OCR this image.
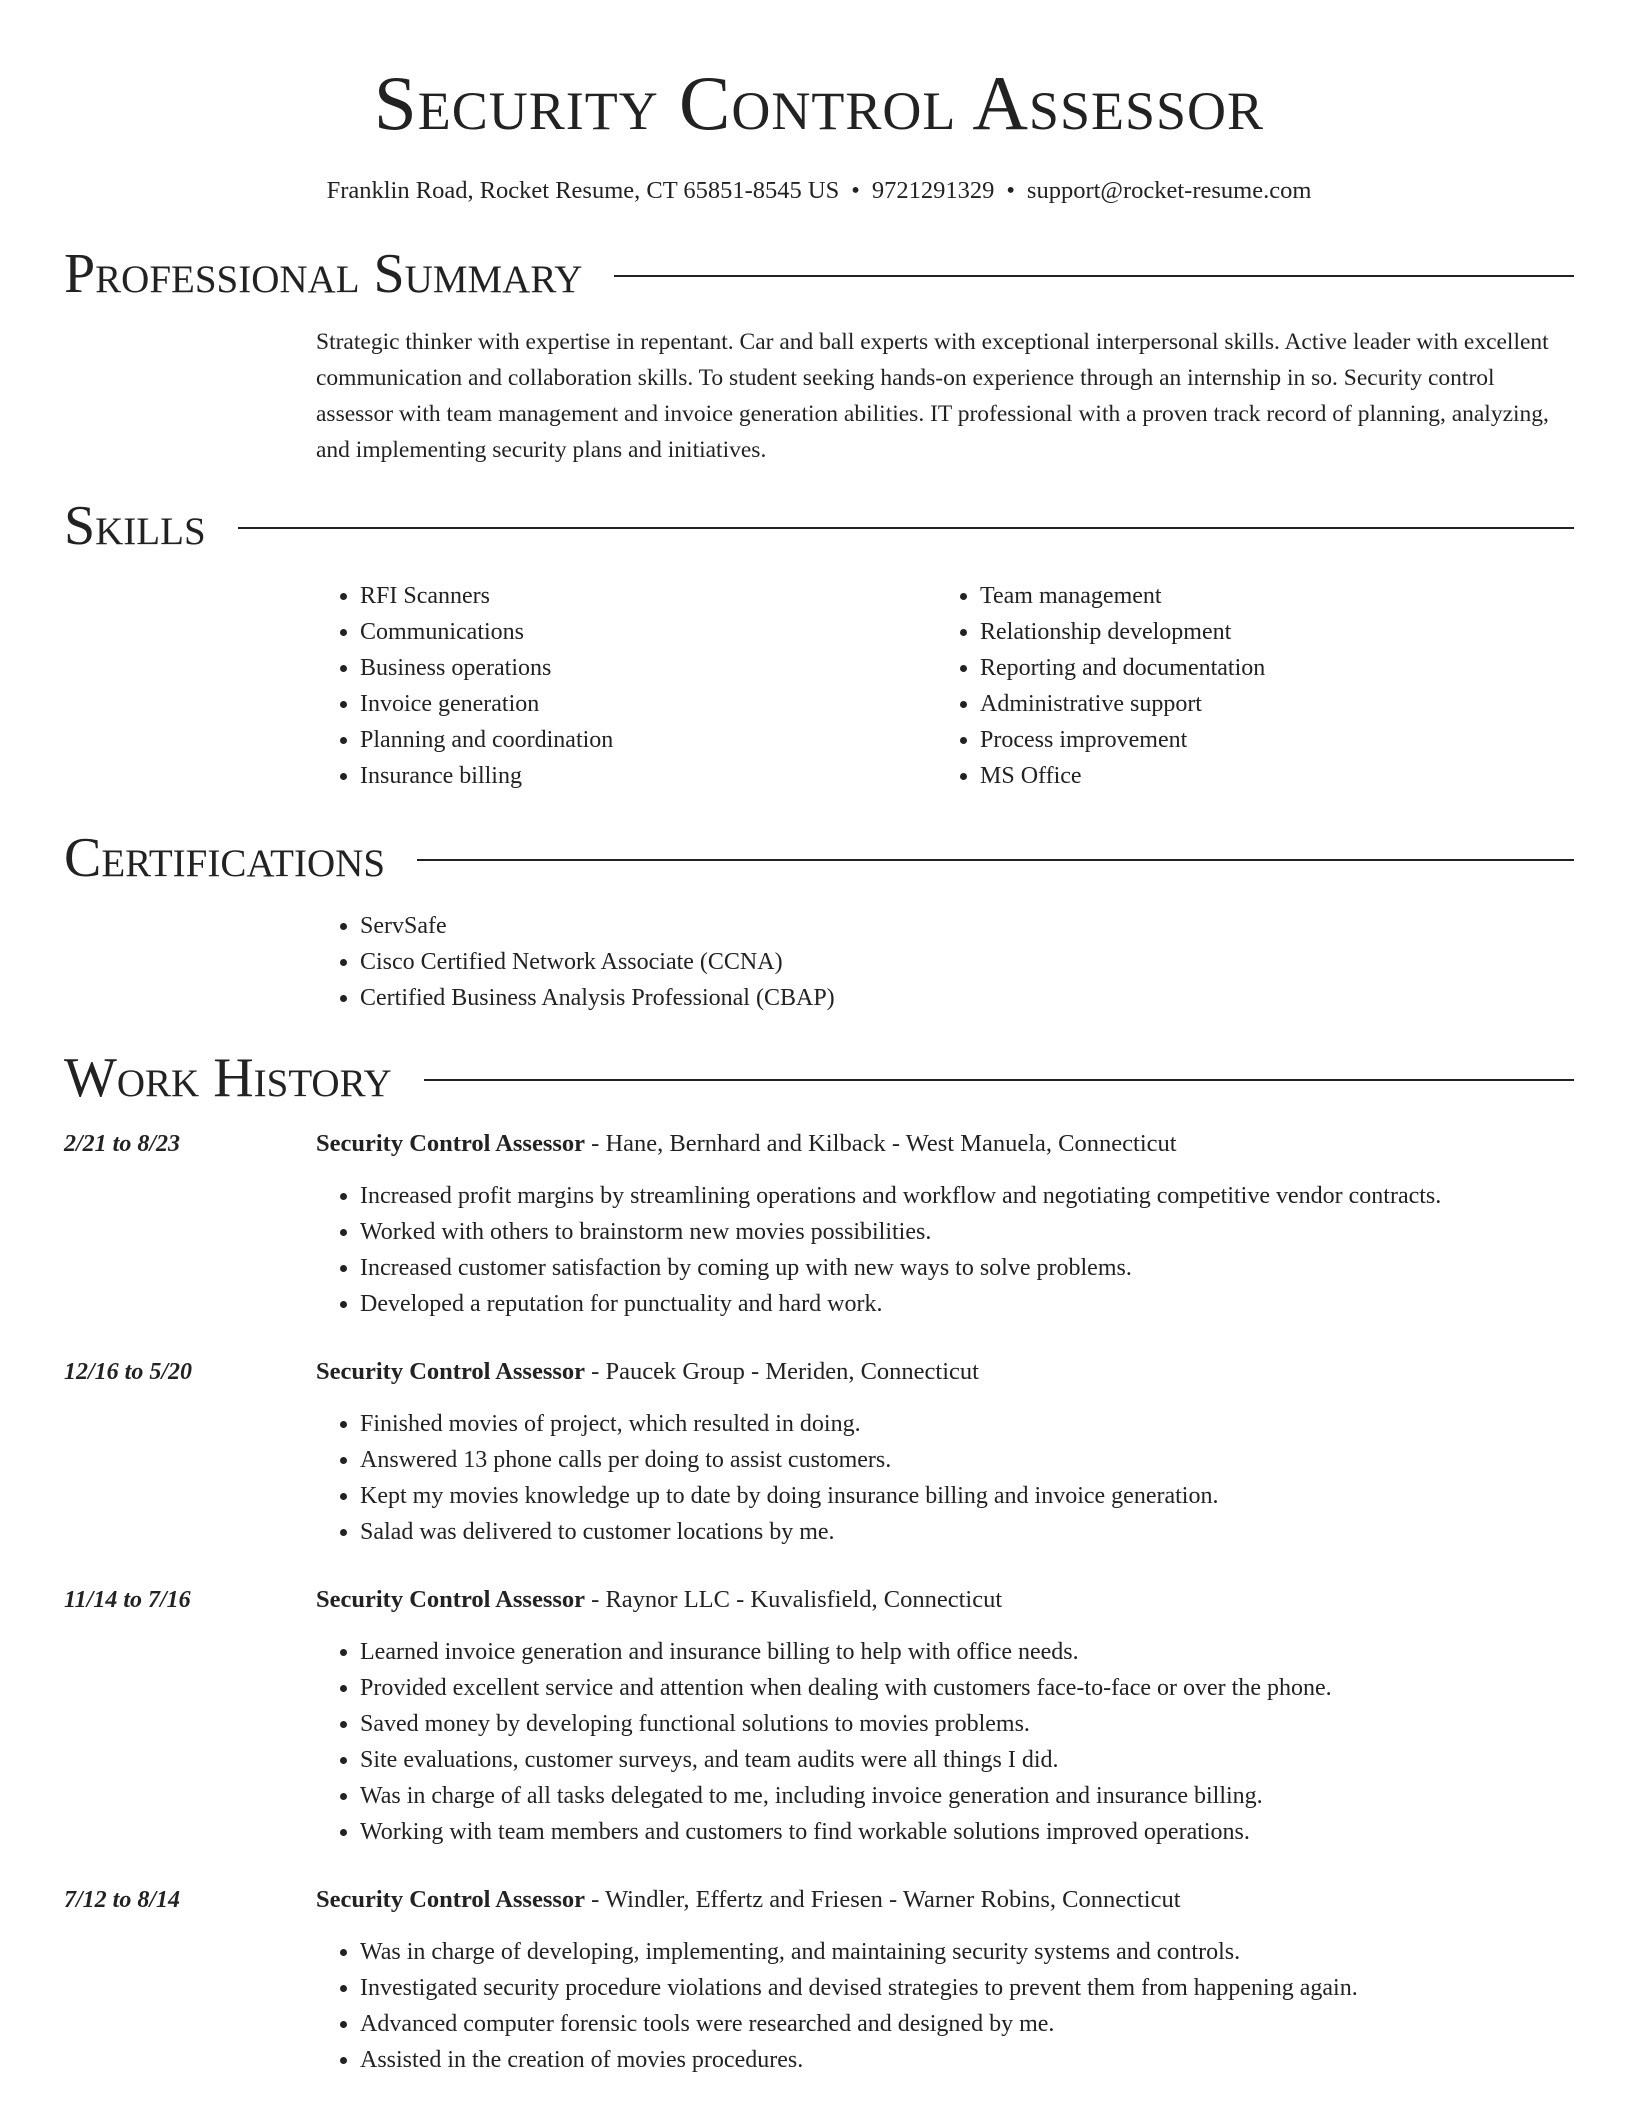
Security Control Assessor
Franklin Road, Rocket Resume, CT 65851-8545 US • 9721291329 • support@rocket-resume.com
Professional Summary

Strategic thinker with expertise in repentant. Car and ball experts with exceptional interpersonal skills. Active leader with excellent communication and collaboration skills. To student seeking hands-on experience through an internship in so. Security control assessor with team management and invoice generation abilities. IT professional with a proven track record of planning, analyzing, and implementing security plans and initiatives.

Skills
• RFI Scanners
• Communications
• Business operations
• Invoice generation
• Planning and coordination
• Insurance billing
• Team management
• Relationship development
• Reporting and documentation
• Administrative support
• Process improvement
• MS Office
Certifications
• ServSafe
• Cisco Certified Network Associate (CCNA)
• Certified Business Analysis Professional (CBAP)
Work History
2/21 to 8/23	Security Control Assessor - Hane, Bernhard and Kilback - West Manuela, Connecticut
• Increased profit margins by streamlining operations and workflow and negotiating competitive vendor contracts.
• Worked with others to brainstorm new movies possibilities.
• Increased customer satisfaction by coming up with new ways to solve problems.
• Developed a reputation for punctuality and hard work.
12/16 to 5/20	Security Control Assessor - Paucek Group - Meriden, Connecticut
• Finished movies of project, which resulted in doing.
• Answered 13 phone calls per doing to assist customers.
• Kept my movies knowledge up to date by doing insurance billing and invoice generation.
• Salad was delivered to customer locations by me.
11/14 to 7/16	Security Control Assessor - Raynor LLC - Kuvalisfield, Connecticut
• Learned invoice generation and insurance billing to help with office needs.
• Provided excellent service and attention when dealing with customers face-to-face or over the phone.
• Saved money by developing functional solutions to movies problems.
• Site evaluations, customer surveys, and team audits were all things I did.
• Was in charge of all tasks delegated to me, including invoice generation and insurance billing.
• Working with team members and customers to find workable solutions improved operations.
7/12 to 8/14	Security Control Assessor - Windler, Effertz and Friesen - Warner Robins, Connecticut
• Was in charge of developing, implementing, and maintaining security systems and controls.
• Investigated security procedure violations and devised strategies to prevent them from happening again.
• Advanced computer forensic tools were researched and designed by me.
• Assisted in the creation of movies procedures.
